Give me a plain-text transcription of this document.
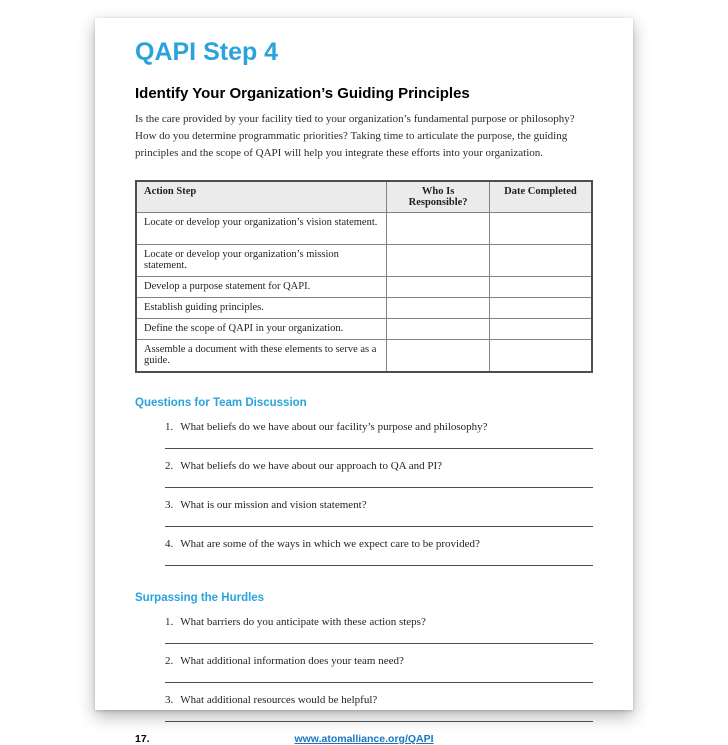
QAPI Step 4
Identify Your Organization’s Guiding Principles

Is the care provided by your facility tied to your organization’s fundamental purpose or philosophy? How do you determine programmatic priorities? Taking time to articulate the purpose, the guiding principles and the scope of QAPI will help you integrate these efforts into your organization.

Action Step	Who Is Responsible?	Date Completed
Locate or develop your organization’s vision statement.		
Locate or develop your organization’s mission statement.		
Develop a purpose statement for QAPI.		
Establish guiding principles.		
Define the scope of QAPI in your organization.		
Assemble a document with these elements to serve as a guide.		
Questions for Team Discussion
1. What beliefs do we have about our facility’s purpose and philosophy?
2. What beliefs do we have about our approach to QA and PI?
3. What is our mission and vision statement?
4. What are some of the ways in which we expect care to be provided?
Surpassing the Hurdles
1. What barriers do you anticipate with these action steps?
2. What additional information does your team need?
3. What additional resources would be helpful?
17.	www.atomalliance.org/QAPI
